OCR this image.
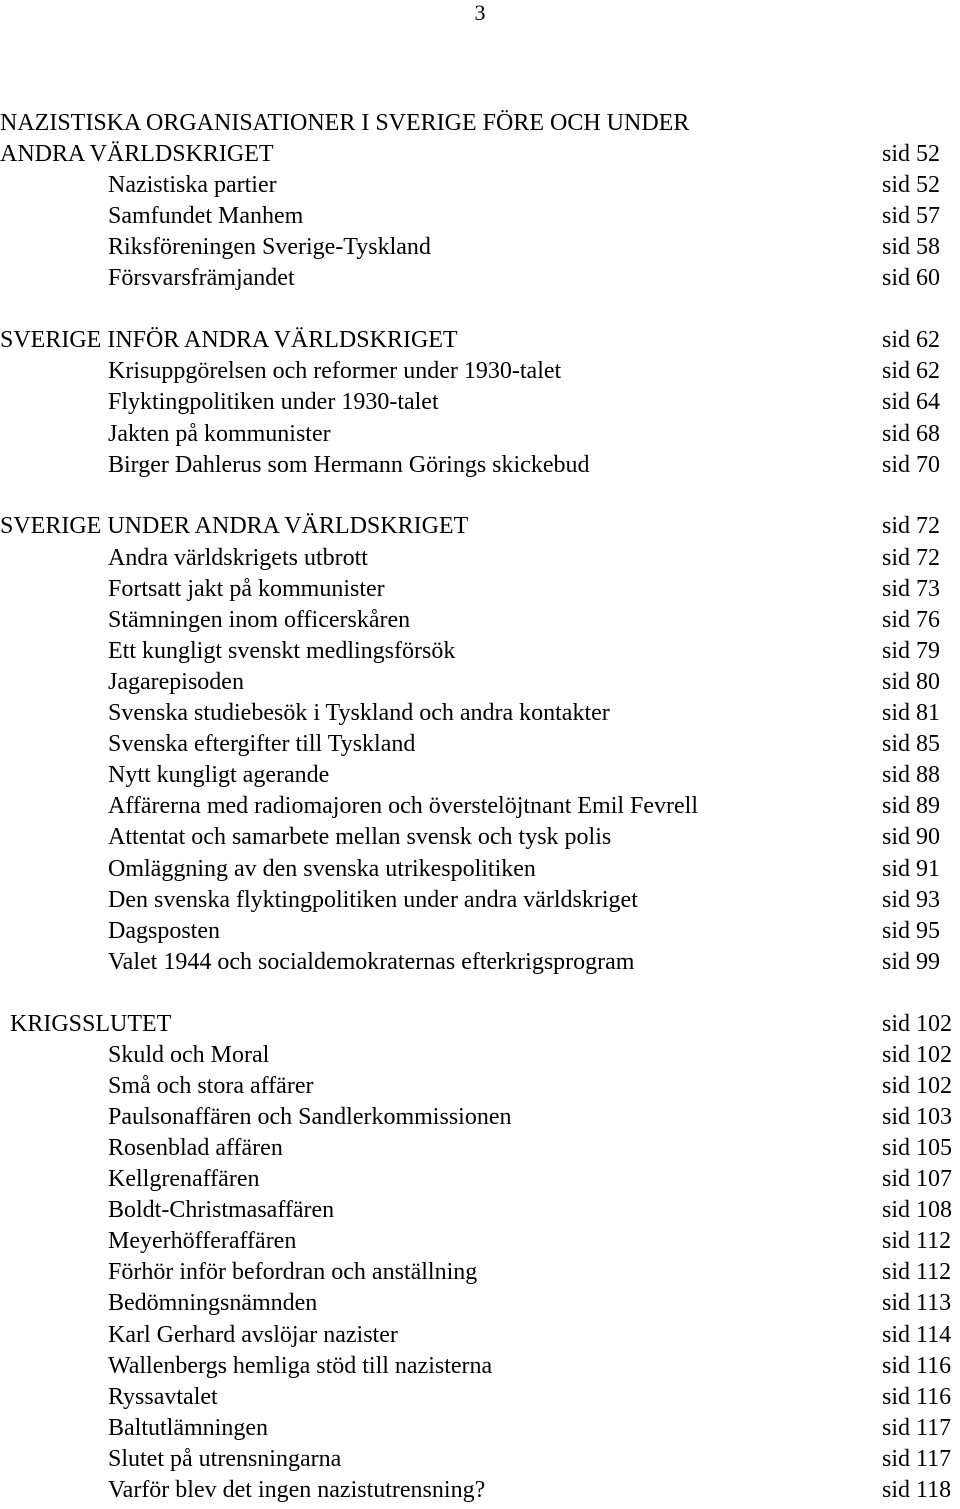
3
NAZISTISKA ORGANISATIONER I SVERIGE FÖRE OCH UNDER
ANDRA VÄRLDSKRIGET	sid 52
Nazistiska partier	sid 52
Samfundet Manhem	sid 57
Riksföreningen Sverige-Tyskland	sid 58
Försvarsfrämjandet	sid 60
SVERIGE INFÖR ANDRA VÄRLDSKRIGET	sid 62
Krisuppgörelsen och reformer under 1930-talet	sid 62
Flyktingpolitiken under 1930-talet	sid 64
Jakten på kommunister	sid 68
Birger Dahlerus som Hermann Görings skickebud	sid 70
SVERIGE UNDER ANDRA VÄRLDSKRIGET	sid 72
Andra världskrigets utbrott	sid 72
Fortsatt jakt på kommunister	sid 73
Stämningen inom officerskåren	sid 76
Ett kungligt svenskt medlingsförsök	sid 79
Jagarepisoden	sid 80
Svenska studiebesök i Tyskland och andra kontakter	sid 81
Svenska eftergifter till Tyskland	sid 85
Nytt kungligt agerande	sid 88
Affärerna med radiomajoren och överstelöjtnant Emil Fevrell	sid 89
Attentat och samarbete mellan svensk och tysk polis	sid 90
Omläggning av den svenska utrikespolitiken	sid 91
Den svenska flyktingpolitiken under andra världskriget	sid 93
Dagsposten	sid 95
Valet 1944 och socialdemokraternas efterkrigsprogram	sid 99
KRIGSSLUTET	sid 102
Skuld och Moral	sid 102
Små och stora affärer	sid 102
Paulsonaffären och Sandlerkommissionen	sid 103
Rosenblad affären	sid 105
Kellgrenaffären	sid 107
Boldt-Christmasaffären	sid 108
Meyerhöfferaffären	sid 112
Förhör inför befordran och anställning	sid 112
Bedömningsnämnden	sid 113
Karl Gerhard avslöjar nazister	sid 114
Wallenbergs hemliga stöd till nazisterna	sid 116
Ryssavtalet	sid 116
Baltutlämningen	sid 117
Slutet på utrensningarna	sid 117
Varför blev det ingen nazistutrensning?	sid 118
